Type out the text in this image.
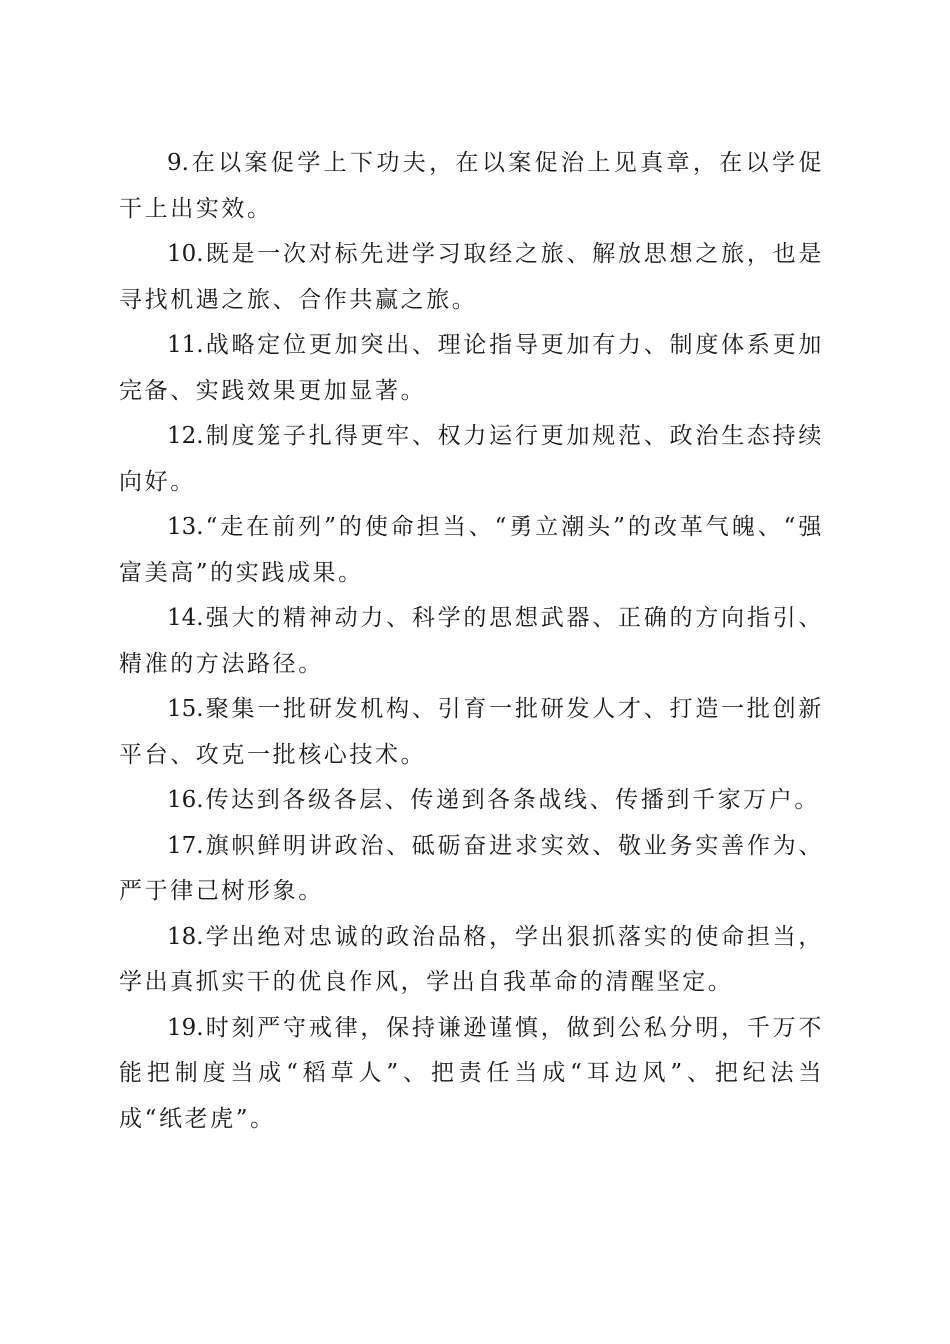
9.在以案促学上下功夫，在以案促治上见真章，在以学促干上出实效。

10.既是一次对标先进学习取经之旅、解放思想之旅，也是寻找机遇之旅、合作共赢之旅。

11.战略定位更加突出、理论指导更加有力、制度体系更加完备、实践效果更加显著。

12.制度笼子扎得更牢、权力运行更加规范、政治生态持续向好。

13.“走在前列”的使命担当、“勇立潮头”的改革气魄、“强富美高”的实践成果。

14.强大的精神动力、科学的思想武器、正确的方向指引、精准的方法路径。

15.聚集一批研发机构、引育一批研发人才、打造一批创新平台、攻克一批核心技术。

16.传达到各级各层、传递到各条战线、传播到千家万户。

17.旗帜鲜明讲政治、砥砺奋进求实效、敬业务实善作为、严于律己树形象。

18.学出绝对忠诚的政治品格，学出狠抓落实的使命担当，学出真抓实干的优良作风，学出自我革命的清醒坚定。

19.时刻严守戒律，保持谦逊谨慎，做到公私分明，千万不能把制度当成“稻草人”、把责任当成“耳边风”、把纪法当成“纸老虎”。
